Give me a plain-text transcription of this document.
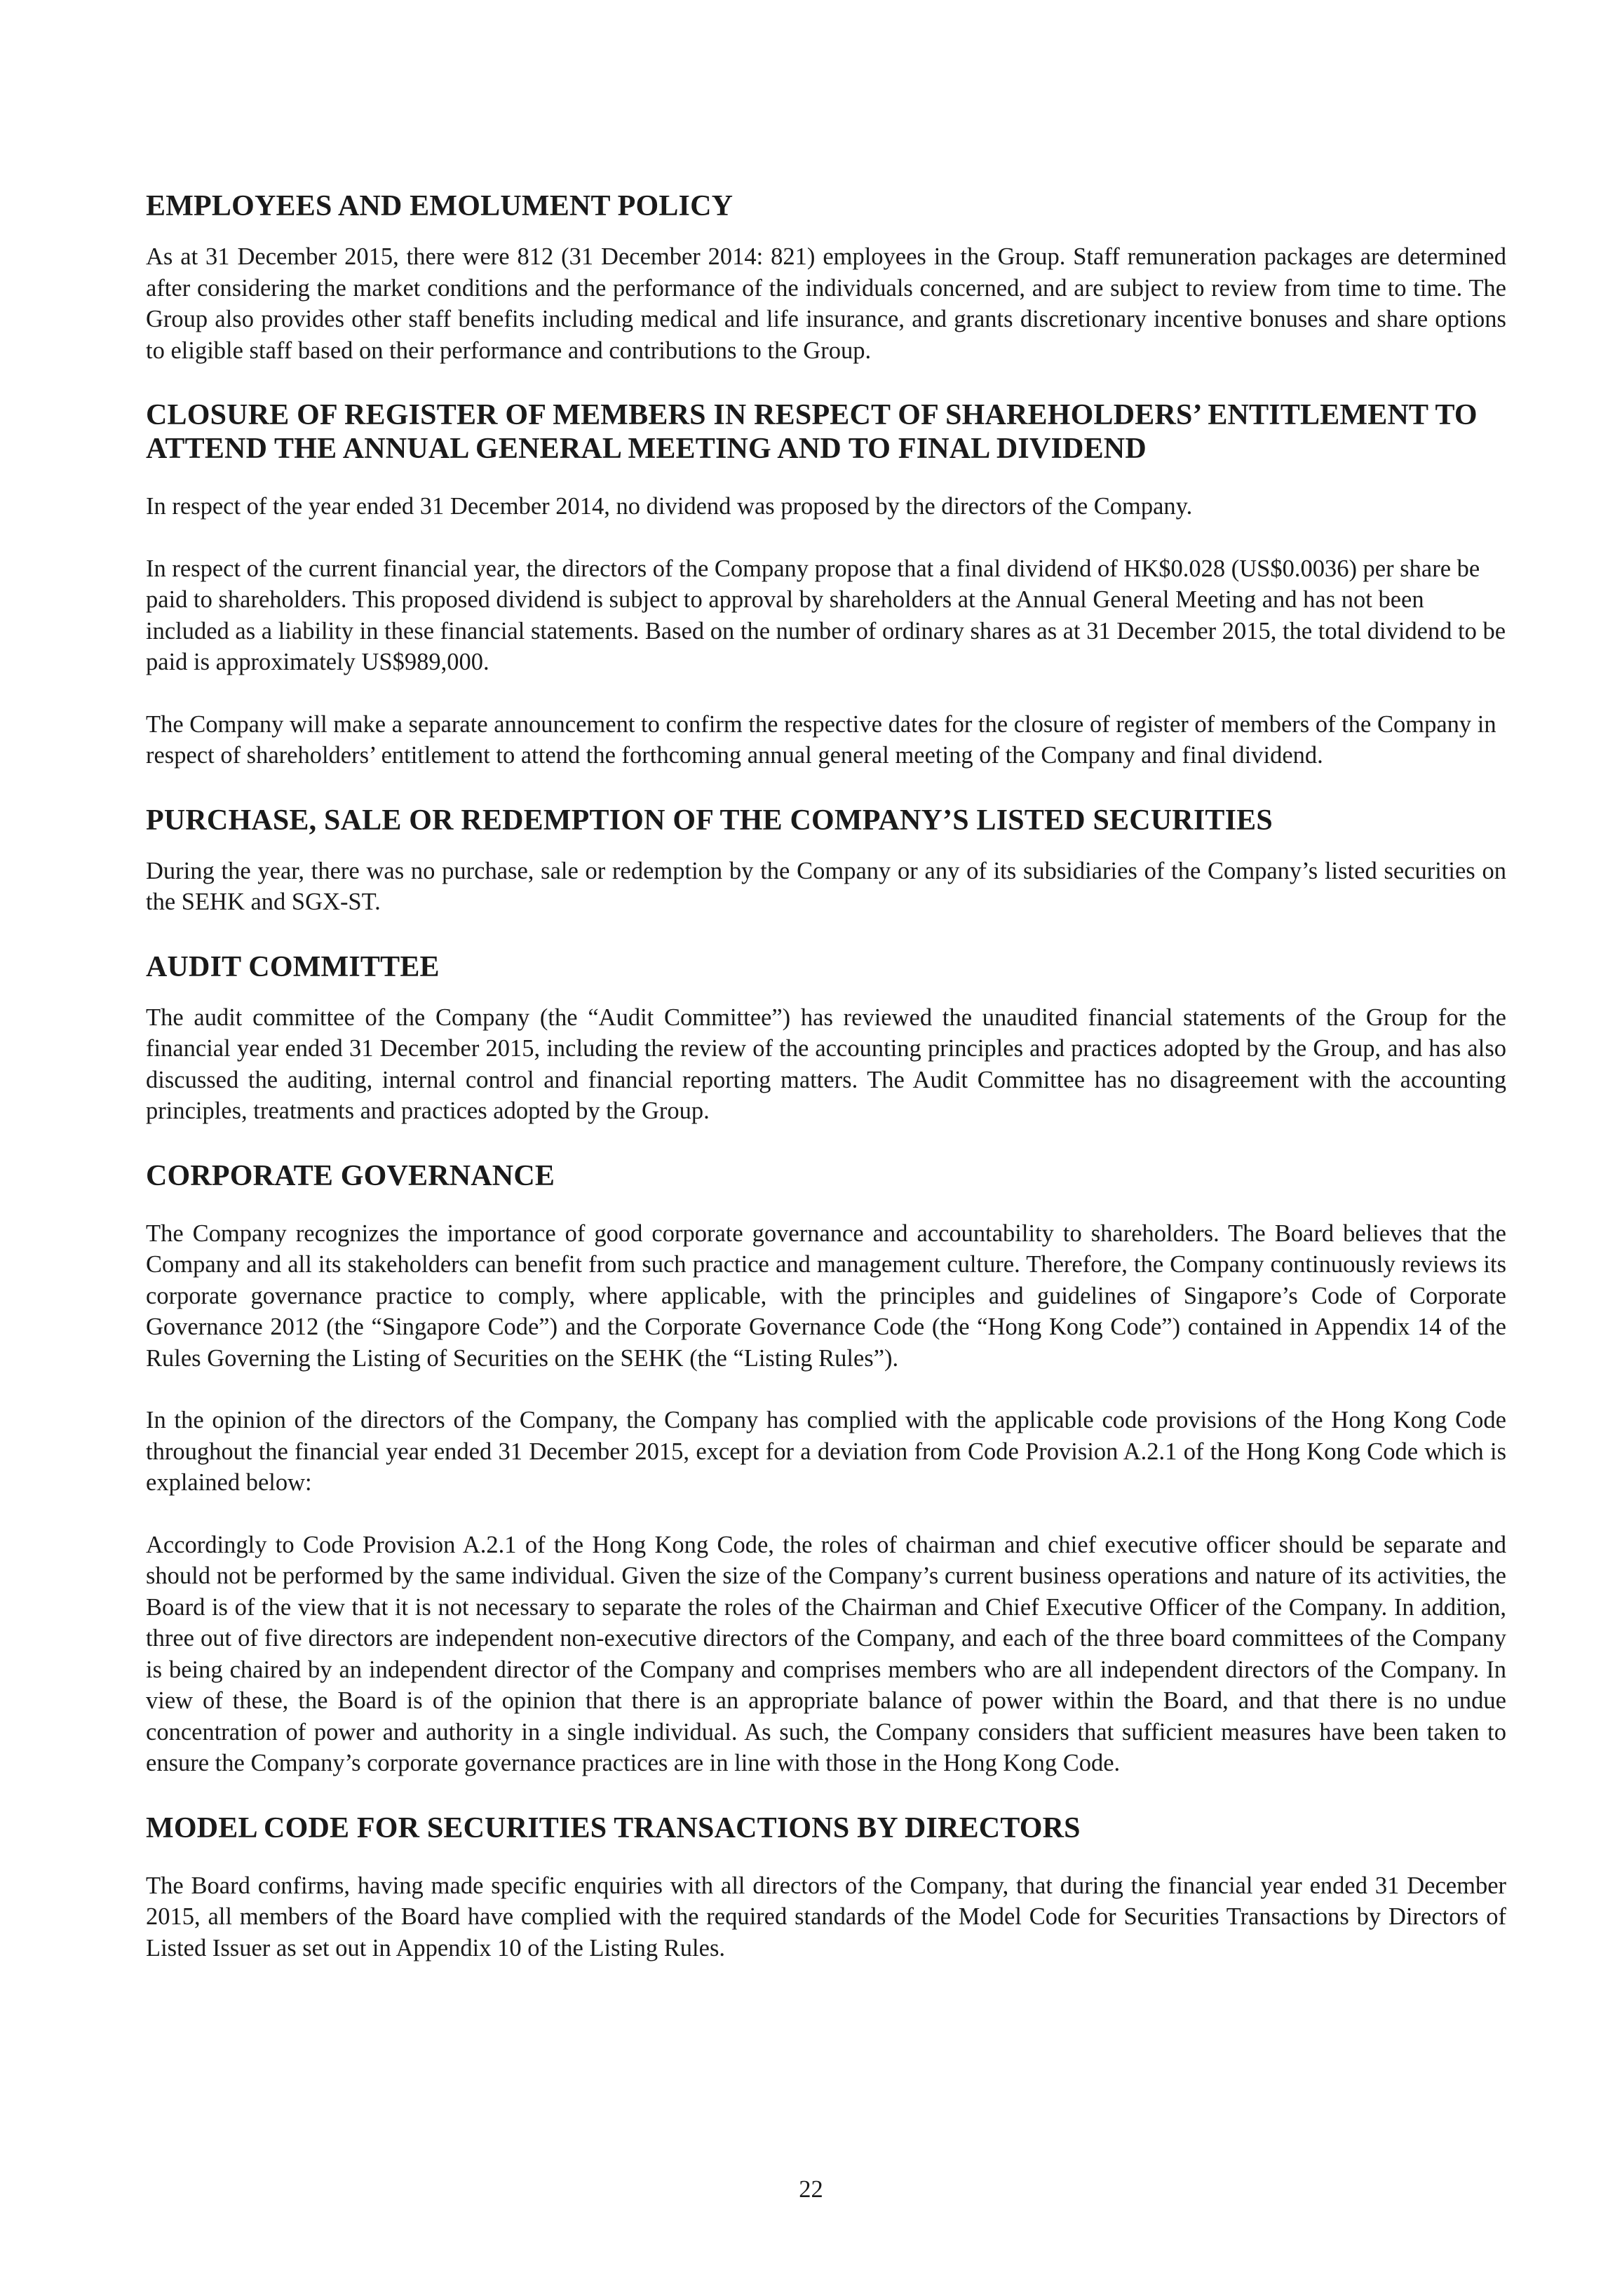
EMPLOYEES AND EMOLUMENT POLICY

As at 31 December 2015, there were 812 (31 December 2014: 821) employees in the Group. Staff remuneration packages are determined after considering the market conditions and the performance of the individuals concerned, and are subject to review from time to time. The Group also provides other staff benefits including medical and life insurance, and grants discretionary incentive bonuses and share options to eligible staff based on their performance and contributions to the Group.

CLOSURE OF REGISTER OF MEMBERS IN RESPECT OF SHAREHOLDERS’ ENTITLEMENT TO ATTEND THE ANNUAL GENERAL MEETING AND TO FINAL DIVIDEND

In respect of the year ended 31 December 2014, no dividend was proposed by the directors of the Company.

In respect of the current financial year, the directors of the Company propose that a final dividend of HK$0.028 (US$0.0036) per share be paid to shareholders. This proposed dividend is subject to approval by shareholders at the Annual General Meeting and has not been included as a liability in these financial statements. Based on the number of ordinary shares as at 31 December 2015, the total dividend to be paid is approximately US$989,000.

The Company will make a separate announcement to confirm the respective dates for the closure of register of members of the Company in respect of shareholders’ entitlement to attend the forthcoming annual general meeting of the Company and final dividend.

PURCHASE, SALE OR REDEMPTION OF THE COMPANY’S LISTED SECURITIES

During the year, there was no purchase, sale or redemption by the Company or any of its subsidiaries of the Company’s listed securities on the SEHK and SGX-ST.

AUDIT COMMITTEE

The audit committee of the Company (the “Audit Committee”) has reviewed the unaudited financial statements of the Group for the financial year ended 31 December 2015, including the review of the accounting principles and practices adopted by the Group, and has also discussed the auditing, internal control and financial reporting matters. The Audit Committee has no disagreement with the accounting principles, treatments and practices adopted by the Group.

CORPORATE GOVERNANCE

The Company recognizes the importance of good corporate governance and accountability to shareholders. The Board believes that the Company and all its stakeholders can benefit from such practice and management culture. Therefore, the Company continuously reviews its corporate governance practice to comply, where applicable, with the principles and guidelines of Singapore’s Code of Corporate Governance 2012 (the “Singapore Code”) and the Corporate Governance Code (the “Hong Kong Code”) contained in Appendix 14 of the Rules Governing the Listing of Securities on the SEHK (the “Listing Rules”).

In the opinion of the directors of the Company, the Company has complied with the applicable code provisions of the Hong Kong Code throughout the financial year ended 31 December 2015, except for a deviation from Code Provision A.2.1 of the Hong Kong Code which is explained below:

Accordingly to Code Provision A.2.1 of the Hong Kong Code, the roles of chairman and chief executive officer should be separate and should not be performed by the same individual. Given the size of the Company’s current business operations and nature of its activities, the Board is of the view that it is not necessary to separate the roles of the Chairman and Chief Executive Officer of the Company. In addition, three out of five directors are independent non-executive directors of the Company, and each of the three board committees of the Company is being chaired by an independent director of the Company and comprises members who are all independent directors of the Company. In view of these, the Board is of the opinion that there is an appropriate balance of power within the Board, and that there is no undue concentration of power and authority in a single individual. As such, the Company considers that sufficient measures have been taken to ensure the Company’s corporate governance practices are in line with those in the Hong Kong Code.

MODEL CODE FOR SECURITIES TRANSACTIONS BY DIRECTORS

The Board confirms, having made specific enquiries with all directors of the Company, that during the financial year ended 31 December 2015, all members of the Board have complied with the required standards of the Model Code for Securities Transactions by Directors of Listed Issuer as set out in Appendix 10 of the Listing Rules.

22
